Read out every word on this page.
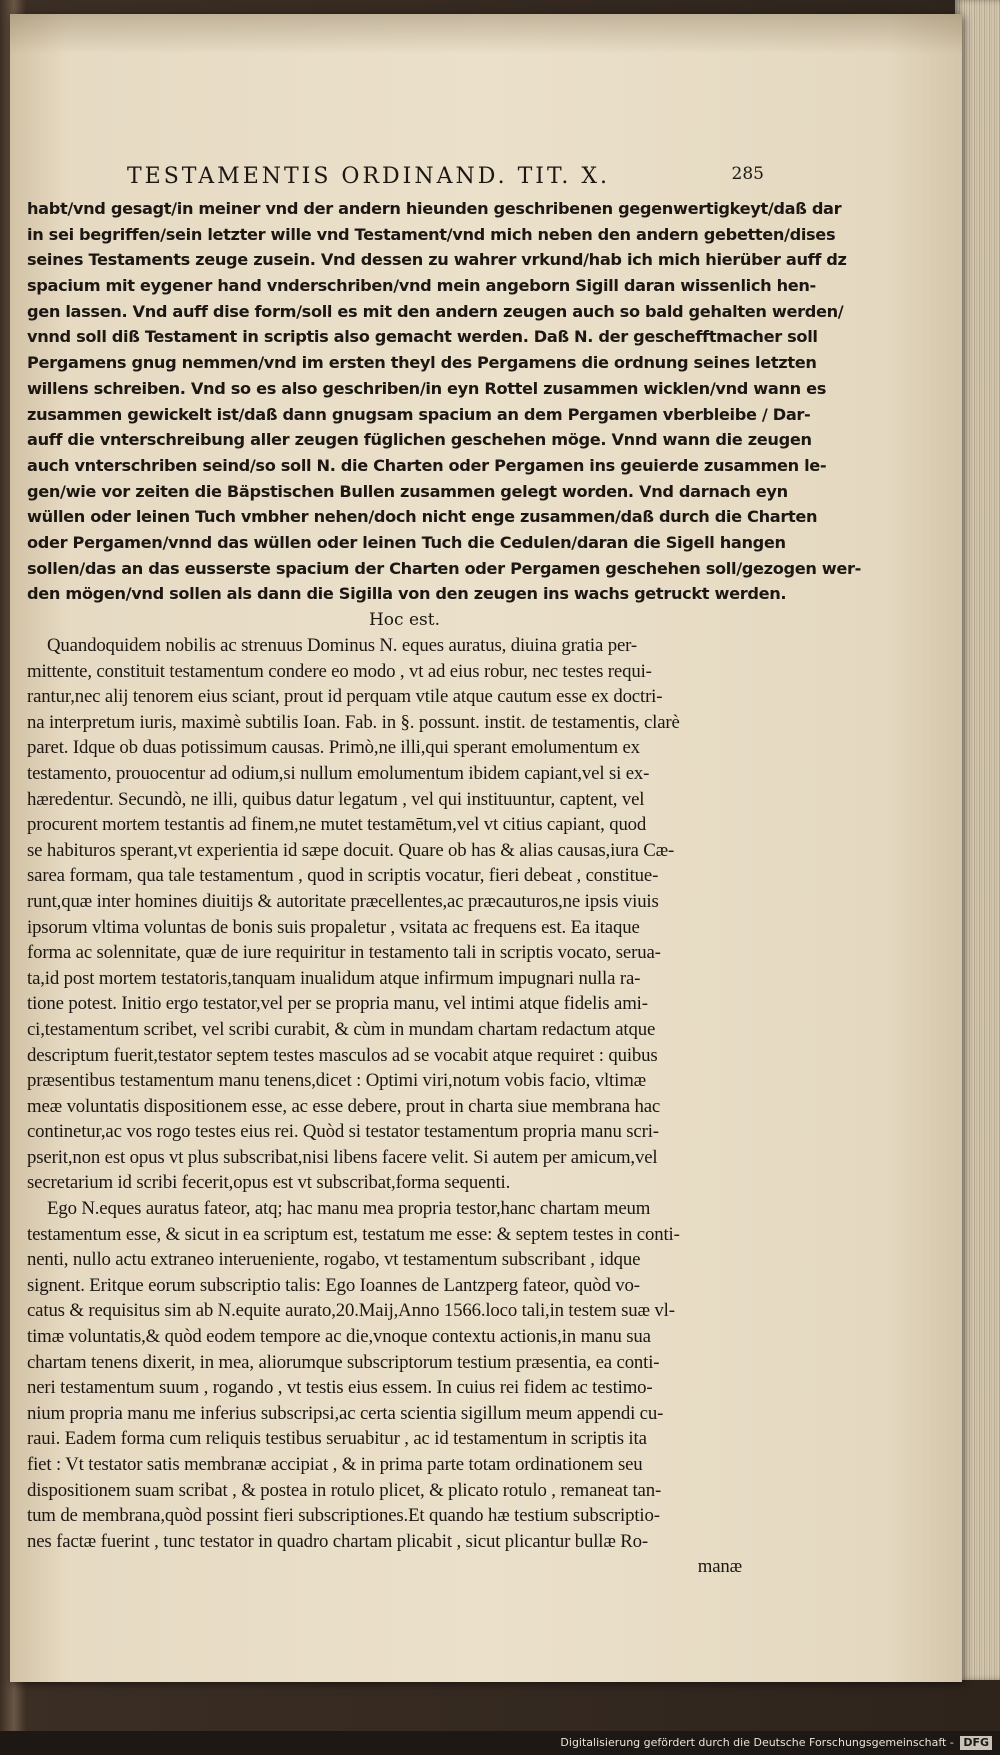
TESTAMENTIS ORDINAND. TIT. X.	285
habt/vnd gesagt/in meiner vnd der andern hieunden geschribenen gegenwertigkeyt/daß dar
in sei begriffen/sein letzter wille vnd Testament/vnd mich neben den andern gebetten/dises
seines Testaments zeuge zusein. Vnd dessen zu wahrer vrkund/hab ich mich hierüber auff dz
spacium mit eygener hand vnderschriben/vnd mein angeborn Sigill daran wissenlich hen-
gen lassen. Vnd auff dise form/soll es mit den andern zeugen auch so bald gehalten werden/
vnnd soll diß Testament in scriptis also gemacht werden. Daß N. der geschefftmacher soll
Pergamens gnug nemmen/vnd im ersten theyl des Pergamens die ordnung seines letzten
willens schreiben. Vnd so es also geschriben/in eyn Rottel zusammen wicklen/vnd wann es
zusammen gewickelt ist/daß dann gnugsam spacium an dem Pergamen vberbleibe / Dar-
auff die vnterschreibung aller zeugen füglichen geschehen möge. Vnnd wann die zeugen
auch vnterschriben seind/so soll N. die Charten oder Pergamen ins geuierde zusammen le-
gen/wie vor zeiten die Bäpstischen Bullen zusammen gelegt worden. Vnd darnach eyn
wüllen oder leinen Tuch vmbher nehen/doch nicht enge zusammen/daß durch die Charten
oder Pergamen/vnnd das wüllen oder leinen Tuch die Cedulen/daran die Sigell hangen
sollen/das an das eusserste spacium der Charten oder Pergamen geschehen soll/gezogen wer-
den mögen/vnd sollen als dann die Sigilla von den zeugen ins wachs getruckt werden.
Hoc est.
Quandoquidem nobilis ac strenuus Dominus N. eques auratus, diuina gratia per-
mittente, constituit testamentum condere eo modo , vt ad eius robur, nec testes requi-
rantur,nec alij tenorem eius sciant, prout id perquam vtile atque cautum esse ex doctri-
na interpretum iuris, maximè subtilis Ioan. Fab. in §. possunt. instit. de testamentis, clarè
paret. Idque ob duas potissimum causas. Primò,ne illi,qui sperant emolumentum ex
testamento, prouocentur ad odium,si nullum emolumentum ibidem capiant,vel si ex-
hæredentur. Secundò, ne illi, quibus datur legatum , vel qui instituuntur, captent, vel
procurent mortem testantis ad finem,ne mutet testamētum,vel vt citius capiant, quod
se habituros sperant,vt experientia id sæpe docuit. Quare ob has & alias causas,iura Cæ-
sarea formam, qua tale testamentum , quod in scriptis vocatur, fieri debeat , constitue-
runt,quæ inter homines diuitijs & autoritate præcellentes,ac præcauturos,ne ipsis viuis
ipsorum vltima voluntas de bonis suis propaletur , vsitata ac frequens est. Ea itaque
forma ac solennitate, quæ de iure requiritur in testamento tali in scriptis vocato, serua-
ta,id post mortem testatoris,tanquam inualidum atque infirmum impugnari nulla ra-
tione potest. Initio ergo testator,vel per se propria manu, vel intimi atque fidelis ami-
ci,testamentum scribet, vel scribi curabit, & cùm in mundam chartam redactum atque
descriptum fuerit,testator septem testes masculos ad se vocabit atque requiret : quibus
præsentibus testamentum manu tenens,dicet : Optimi viri,notum vobis facio, vltimæ
meæ voluntatis dispositionem esse, ac esse debere, prout in charta siue membrana hac
continetur,ac vos rogo testes eius rei. Quòd si testator testamentum propria manu scri-
pserit,non est opus vt plus subscribat,nisi libens facere velit. Si autem per amicum,vel
secretarium id scribi fecerit,opus est vt subscribat,forma sequenti.
Ego N.eques auratus fateor, atq; hac manu mea propria testor,hanc chartam meum
testamentum esse, & sicut in ea scriptum est, testatum me esse: & septem testes in conti-
nenti, nullo actu extraneo interueniente, rogabo, vt testamentum subscribant , idque
signent. Eritque eorum subscriptio talis: Ego Ioannes de Lantzperg fateor, quòd vo-
catus & requisitus sim ab N.equite aurato,20.Maij,Anno 1566.loco tali,in testem suæ vl-
timæ voluntatis,& quòd eodem tempore ac die,vnoque contextu actionis,in manu sua
chartam tenens dixerit, in mea, aliorumque subscriptorum testium præsentia, ea conti-
neri testamentum suum , rogando , vt testis eius essem. In cuius rei fidem ac testimo-
nium propria manu me inferius subscripsi,ac certa scientia sigillum meum appendi cu-
raui. Eadem forma cum reliquis testibus seruabitur , ac id testamentum in scriptis ita
fiet : Vt testator satis membranæ accipiat , & in prima parte totam ordinationem seu
dispositionem suam scribat , & postea in rotulo plicet, & plicato rotulo , remaneat tan-
tum de membrana,quòd possint fieri subscriptiones.Et quando hæ testium subscriptio-
nes factæ fuerint , tunc testator in quadro chartam plicabit , sicut plicantur bullæ Ro-
manæ
Digitalisierung gefördert durch die Deutsche Forschungsgemeinschaft - DFG
